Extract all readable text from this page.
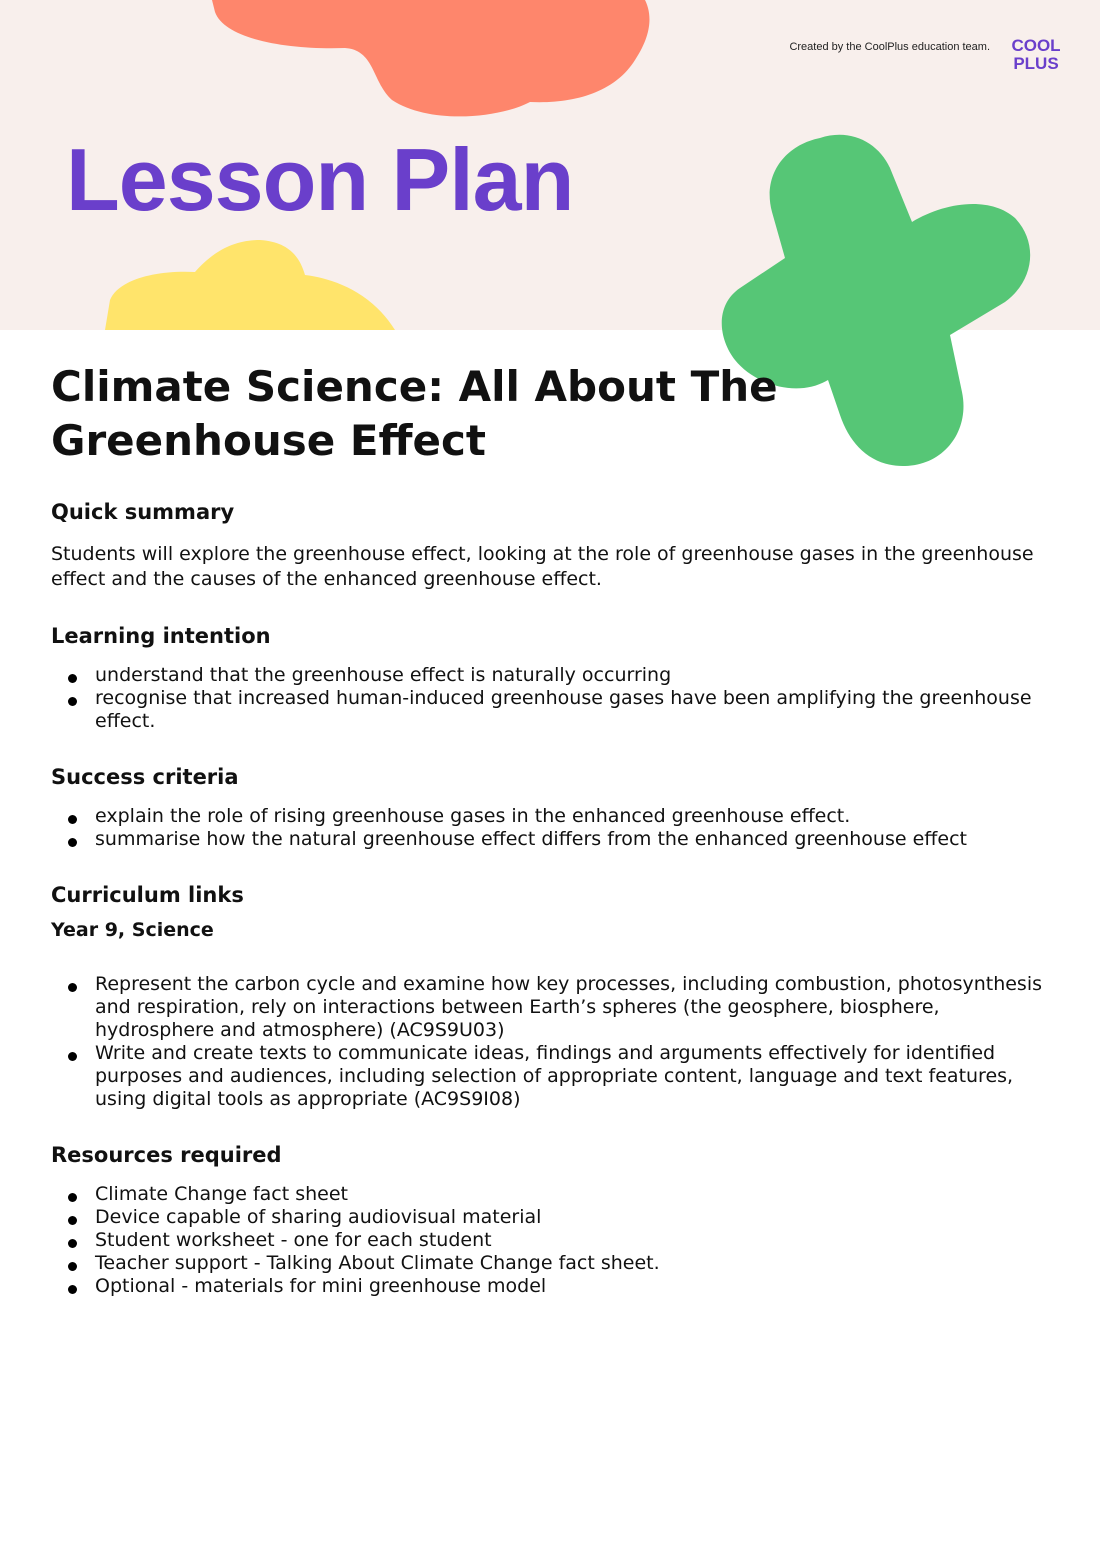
Created by the CoolPlus education team. COOL
PLUS
Lesson Plan
Climate Science: All About The Greenhouse Effect
Quick summary

Students will explore the greenhouse effect, looking at the role of greenhouse gases in the greenhouse effect and the causes of the enhanced greenhouse effect.

Learning intention
understand that the greenhouse effect is naturally occurring
recognise that increased human-induced greenhouse gases have been amplifying the greenhouse effect.
Success criteria
explain the role of rising greenhouse gases in the enhanced greenhouse effect.
summarise how the natural greenhouse effect differs from the enhanced greenhouse effect
Curriculum links
Year 9, Science
Represent the carbon cycle and examine how key processes, including combustion, photosynthesis and respiration, rely on interactions between Earth’s spheres (the geosphere, biosphere, hydrosphere and atmosphere) (AC9S9U03)
Write and create texts to communicate ideas, findings and arguments effectively for identified purposes and audiences, including selection of appropriate content, language and text features, using digital tools as appropriate (AC9S9I08)
Resources required
Climate Change fact sheet
Device capable of sharing audiovisual material
Student worksheet - one for each student
Teacher support - Talking About Climate Change fact sheet.
Optional - materials for mini greenhouse model
